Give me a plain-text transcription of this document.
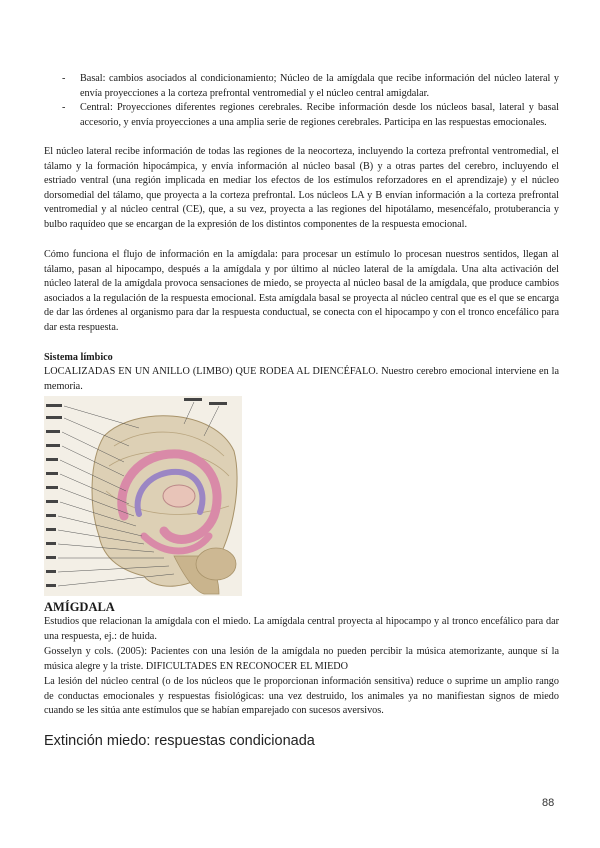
- Basal: cambios asociados al condicionamiento; Núcleo de la amígdala que recibe información del núcleo lateral y envía proyecciones a la corteza prefrontal ventromedial y el núcleo central amigdalar.
- Central: Proyecciones diferentes regiones cerebrales. Recibe información desde los núcleos basal, lateral y basal accesorio, y envía proyecciones a una amplia serie de regiones cerebrales. Participa en las respuestas emocionales.
El núcleo lateral recibe información de todas las regiones de la neocorteza, incluyendo la corteza prefrontal ventromedial, el tálamo y la formación hipocámpica, y envía información al núcleo basal (B) y a otras partes del cerebro, incluyendo el estriado ventral (una región implicada en mediar los efectos de los estímulos reforzadores en el aprendizaje) y el núcleo dorsomedial del tálamo, que proyecta a la corteza prefrontal. Los núcleos LA y B envían información a la corteza prefrontal ventromedial y al núcleo central (CE), que, a su vez, proyecta a las regiones del hipotálamo, mesencéfalo, protuberancia y bulbo raquídeo que se encargan de la expresión de los distintos componentes de la respuesta emocional.
Cómo funciona el flujo de información en la amígdala: para procesar un estímulo lo procesan nuestros sentidos, llegan al tálamo, pasan al hipocampo, después a la amígdala y por último al núcleo lateral de la amígdala. Una alta activación del núcleo lateral de la amígdala provoca sensaciones de miedo, se proyecta al núcleo basal de la amígdala, que produce cambios asociados a la regulación de la respuesta emocional. Esta amígdala basal se proyecta al núcleo central que es el que se encarga de dar las órdenes al organismo para dar la respuesta conductual, se conecta con el hipocampo y con el tronco encefálico para dar esta respuesta.
Sistema límbico
LOCALIZADAS EN UN ANILLO (LIMBO) QUE RODEA AL DIENCÉFALO. Nuestro cerebro emocional interviene en la memoria.
AMÍGDALA
Estudios que relacionan la amígdala con el miedo. La amígdala central proyecta al hipocampo y al tronco encefálico para dar una respuesta, ej.: de huida.
Gosselyn y cols. (2005): Pacientes con una lesión de la amígdala no pueden percibir la música atemorizante, aunque sí la música alegre y la triste. DIFICULTADES EN RECONOCER EL MIEDO
La lesión del núcleo central (o de los núcleos que le proporcionan información sensitiva) reduce o suprime un amplio rango de conductas emocionales y respuestas fisiológicas: una vez destruido, los animales ya no manifiestan signos de miedo cuando se les sitúa ante estímulos que se habían emparejado con sucesos aversivos.
Extinción miedo: respuestas condicionada
88
